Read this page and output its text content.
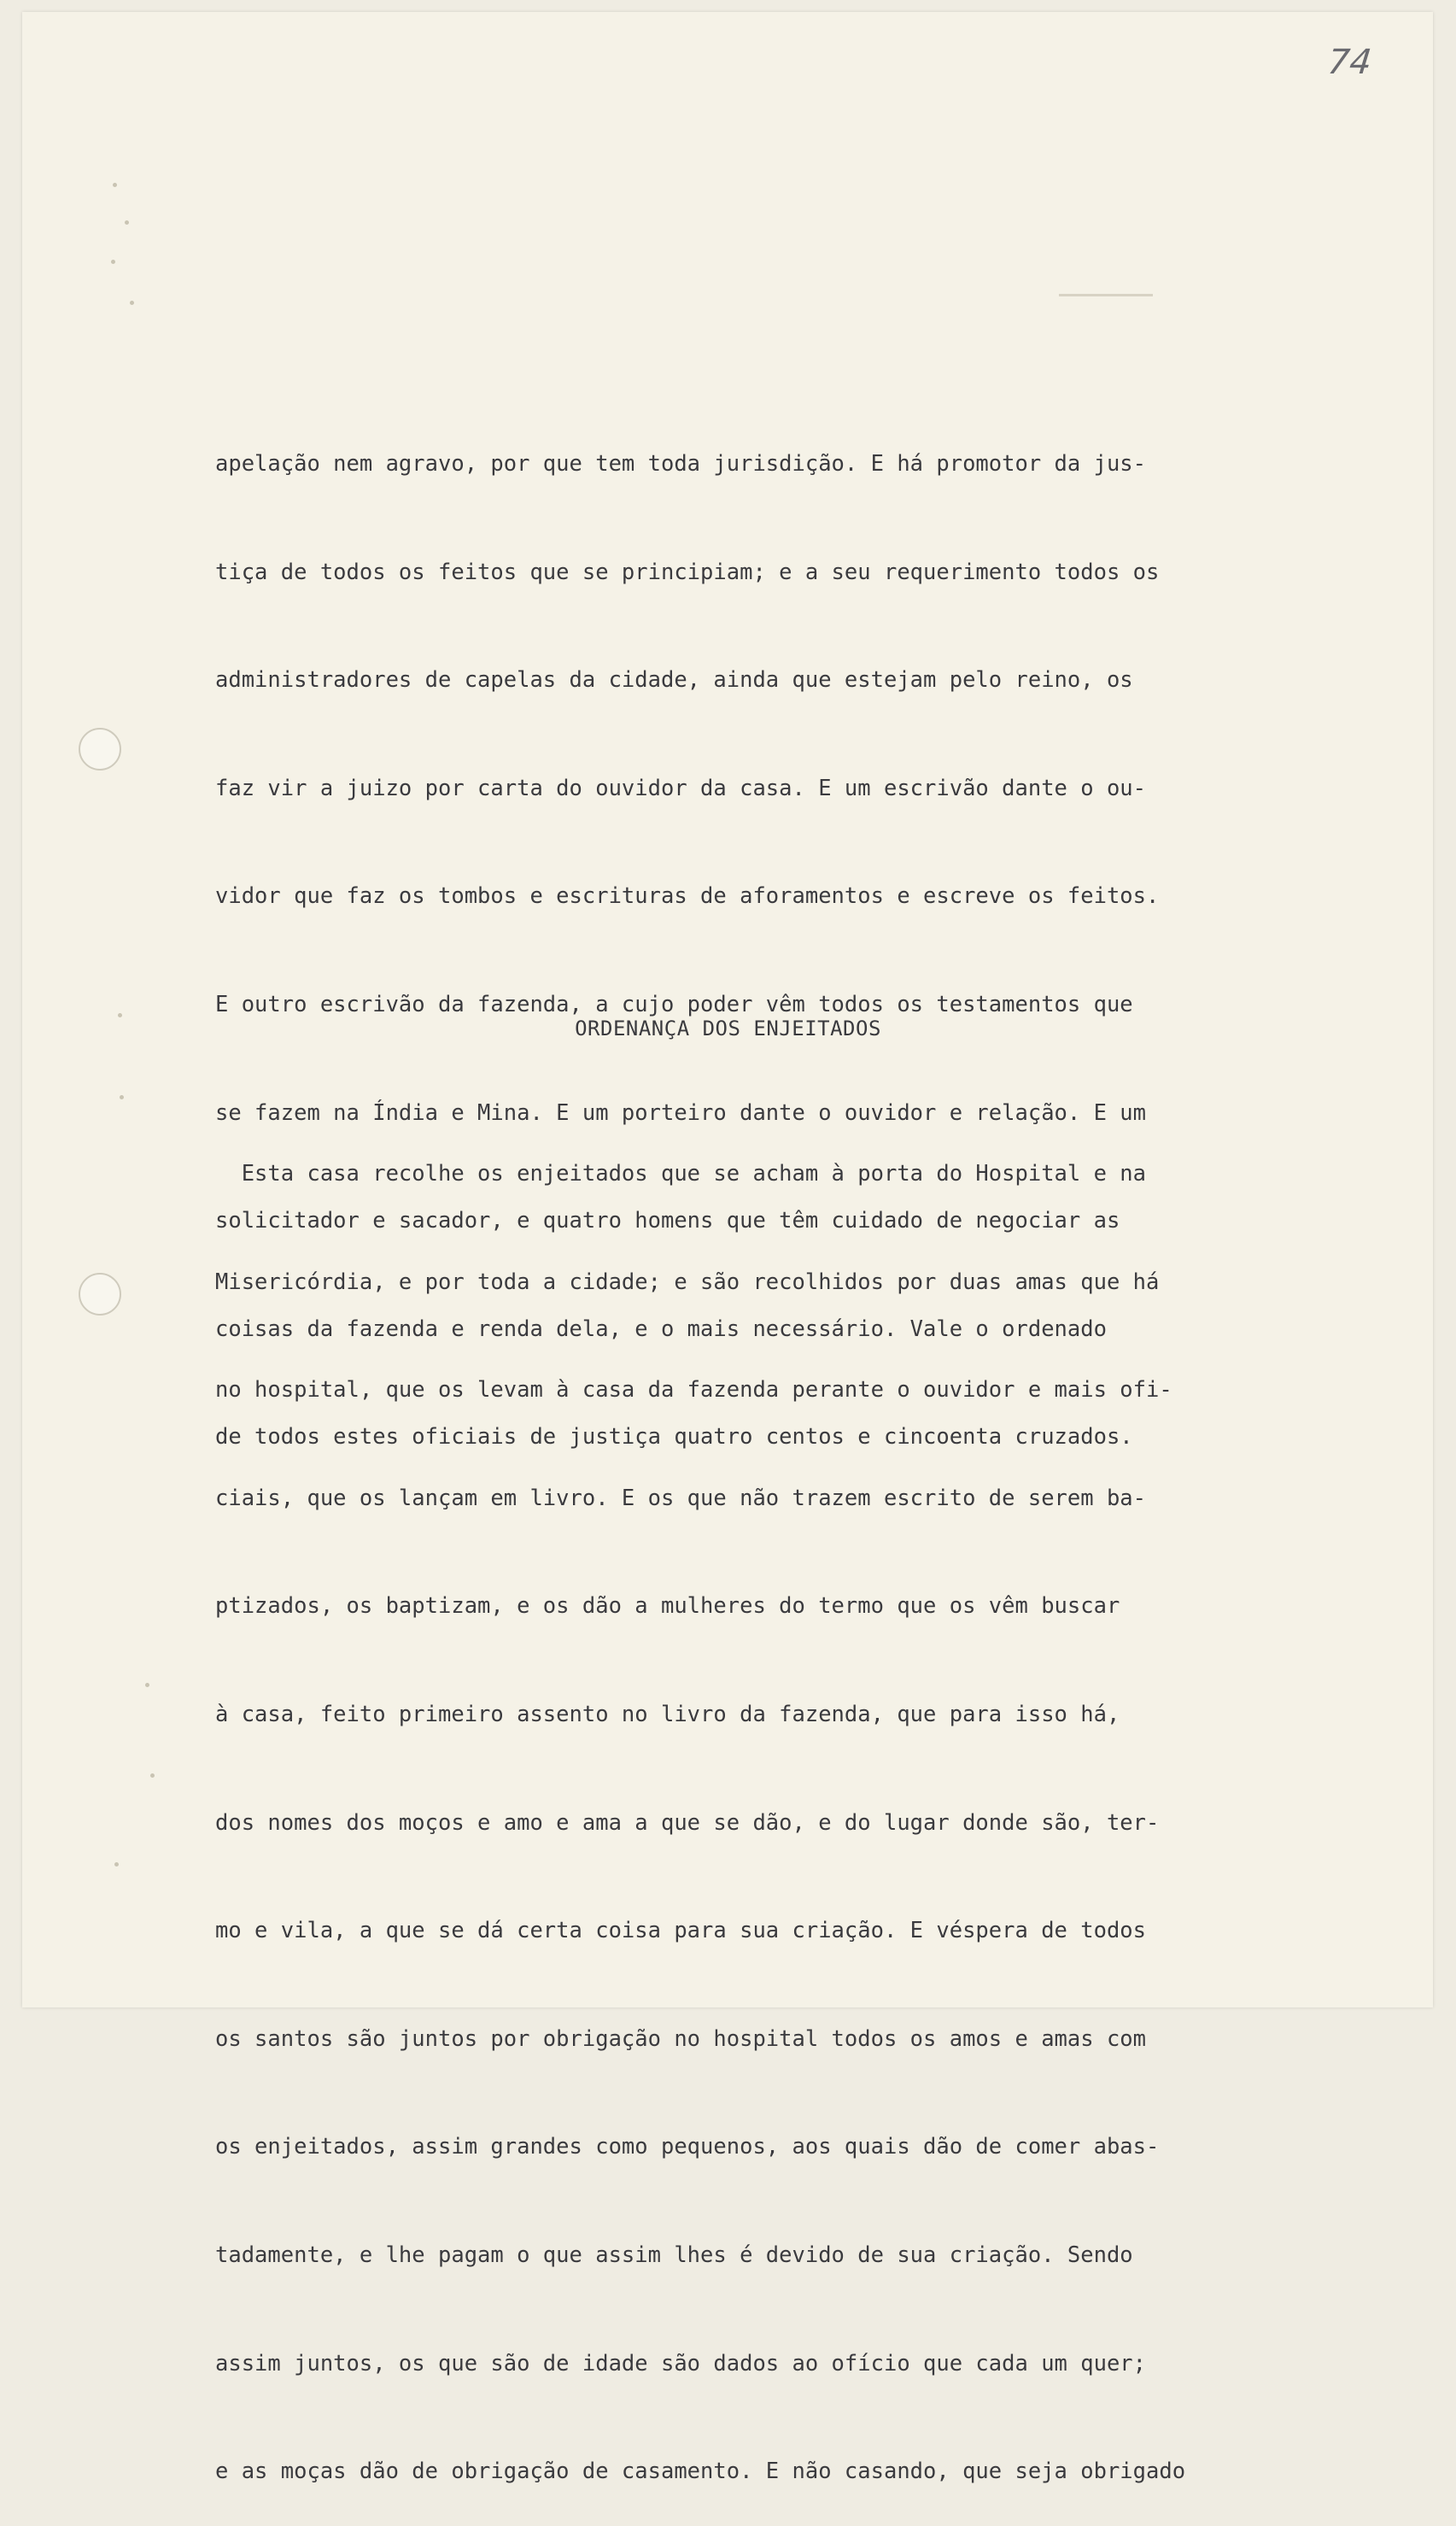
74

apelação nem agravo, por que tem toda jurisdição. E há promotor da jus-

tiça de todos os feitos que se principiam; e a seu requerimento todos os

administradores de capelas da cidade, ainda que estejam pelo reino, os

faz vir a juizo por carta do ouvidor da casa. E um escrivão dante o ou-

vidor que faz os tombos e escrituras de aforamentos e escreve os feitos.

E outro escrivão da fazenda, a cujo poder vêm todos os testamentos que

se fazem na Índia e Mina. E um porteiro dante o ouvidor e relação. E um

solicitador e sacador, e quatro homens que têm cuidado de negociar as

coisas da fazenda e renda dela, e o mais necessário. Vale o ordenado

de todos estes oficiais de justiça quatro centos e cincoenta cruzados.

ORDENANÇA DOS ENJEITADOS

Esta casa recolhe os enjeitados que se acham à porta do Hospital e na

Misericórdia, e por toda a cidade; e são recolhidos por duas amas que há

no hospital, que os levam à casa da fazenda perante o ouvidor e mais ofi-

ciais, que os lançam em livro. E os que não trazem escrito de serem ba-

ptizados, os baptizam, e os dão a mulheres do termo que os vêm buscar

à casa, feito primeiro assento no livro da fazenda, que para isso há,

dos nomes dos moços e amo e ama a que se dão, e do lugar donde são, ter-

mo e vila, a que se dá certa coisa para sua criação. E véspera de todos

os santos são juntos por obrigação no hospital todos os amos e amas com

os enjeitados, assim grandes como pequenos, aos quais dão de comer abas-

tadamente, e lhe pagam o que assim lhes é devido de sua criação. Sendo

assim juntos, os que são de idade são dados ao ofício que cada um quer;

e as moças dão de obrigação de casamento. E não casando, que seja obrigado
